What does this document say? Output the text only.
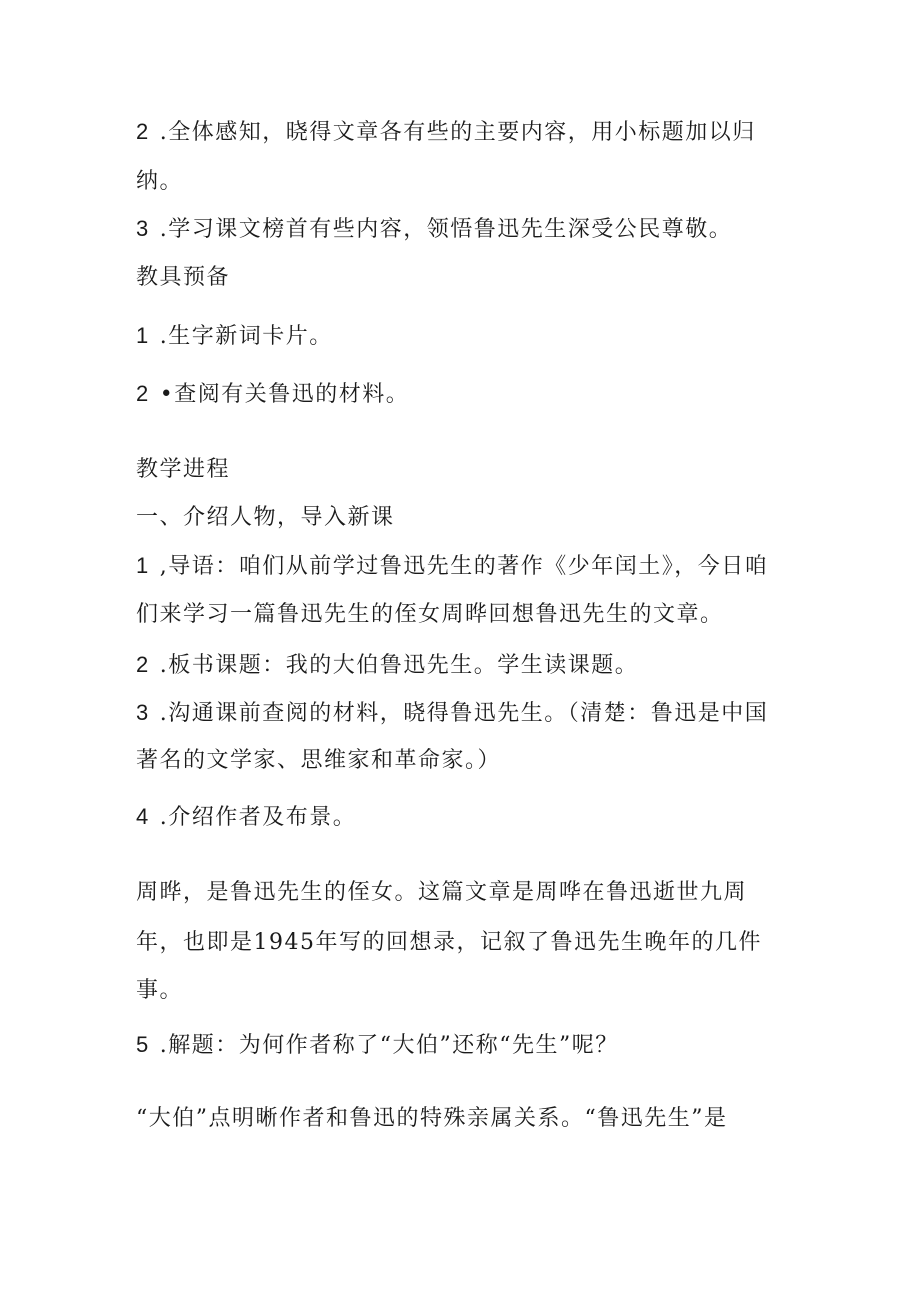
2 .全体感知，晓得文章各有些的主要内容，用小标题加以归
纳。
3 .学习课文榜首有些内容，领悟鲁迅先生深受公民尊敬。
教具预备
1 .生字新词卡片。
2 •查阅有关鲁迅的材料。
教学进程
一、介绍人物，导入新课
1 ,导语：咱们从前学过鲁迅先生的著作《少年闰土》，今日咱
们来学习一篇鲁迅先生的侄女周晔回想鲁迅先生的文章。
2 .板书课题：我的大伯鲁迅先生。学生读课题。
3 .沟通课前查阅的材料，晓得鲁迅先生。（清楚：鲁迅是中国
著名的文学家、思维家和革命家。）
4 .介绍作者及布景。
周晔，是鲁迅先生的侄女。这篇文章是周哗在鲁迅逝世九周
年，也即是1945年写的回想录，记叙了鲁迅先生晚年的几件
事。
5 .解题：为何作者称了“大伯”还称“先生”呢？
“大伯”点明晰作者和鲁迅的特殊亲属关系。“鲁迅先生”是
